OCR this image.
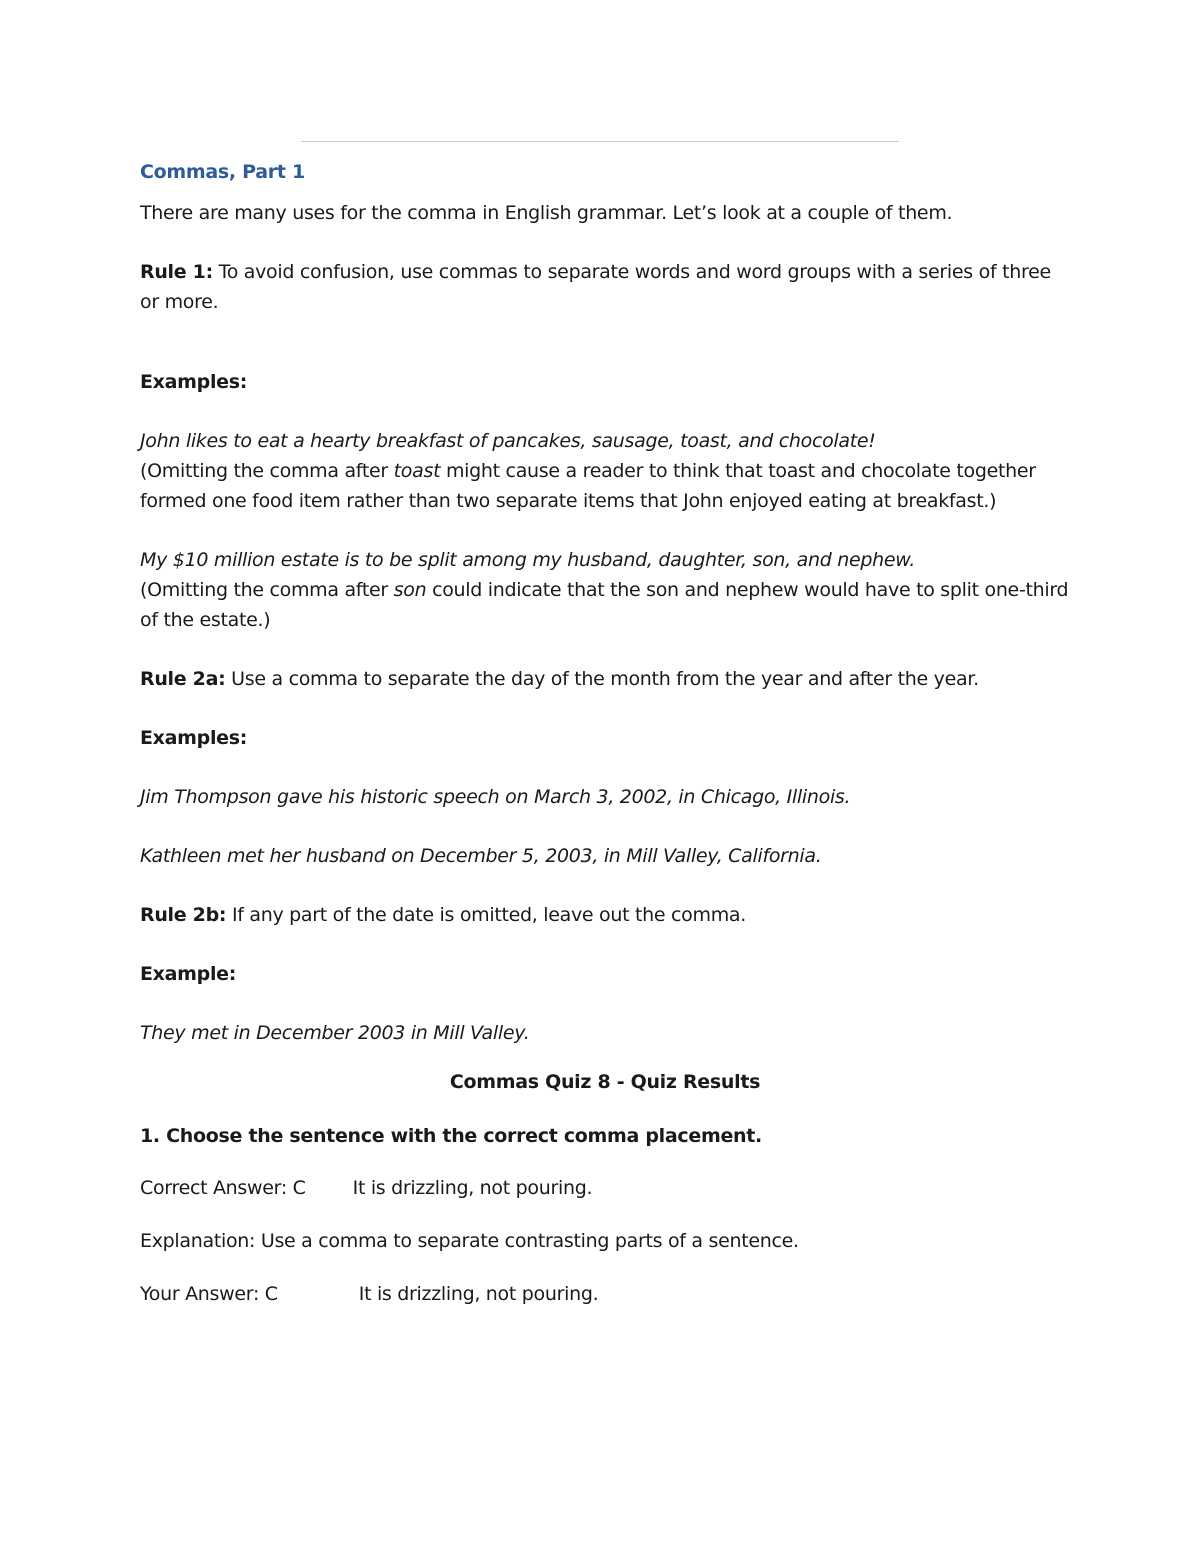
Commas, Part 1

There are many uses for the comma in English grammar. Let’s look at a couple of them.

Rule 1: To avoid confusion, use commas to separate words and word groups with a series of three or more.

Examples:

John likes to eat a hearty breakfast of pancakes, sausage, toast, and chocolate!

(Omitting the comma after toast might cause a reader to think that toast and chocolate together formed one food item rather than two separate items that John enjoyed eating at breakfast.)

My $10 million estate is to be split among my husband, daughter, son, and nephew.

(Omitting the comma after son could indicate that the son and nephew would have to split one-third of the estate.)

Rule 2a: Use a comma to separate the day of the month from the year and after the year.

Examples:

Jim Thompson gave his historic speech on March 3, 2002, in Chicago, Illinois.

Kathleen met her husband on December 5, 2003, in Mill Valley, California.

Rule 2b: If any part of the date is omitted, leave out the comma.

Example:

They met in December 2003 in Mill Valley.

Commas Quiz 8 - Quiz Results

1. Choose the sentence with the correct comma placement.

Correct Answer: C It is drizzling, not pouring.

Explanation: Use a comma to separate contrasting parts of a sentence.

Your Answer: C	It is drizzling, not pouring.
